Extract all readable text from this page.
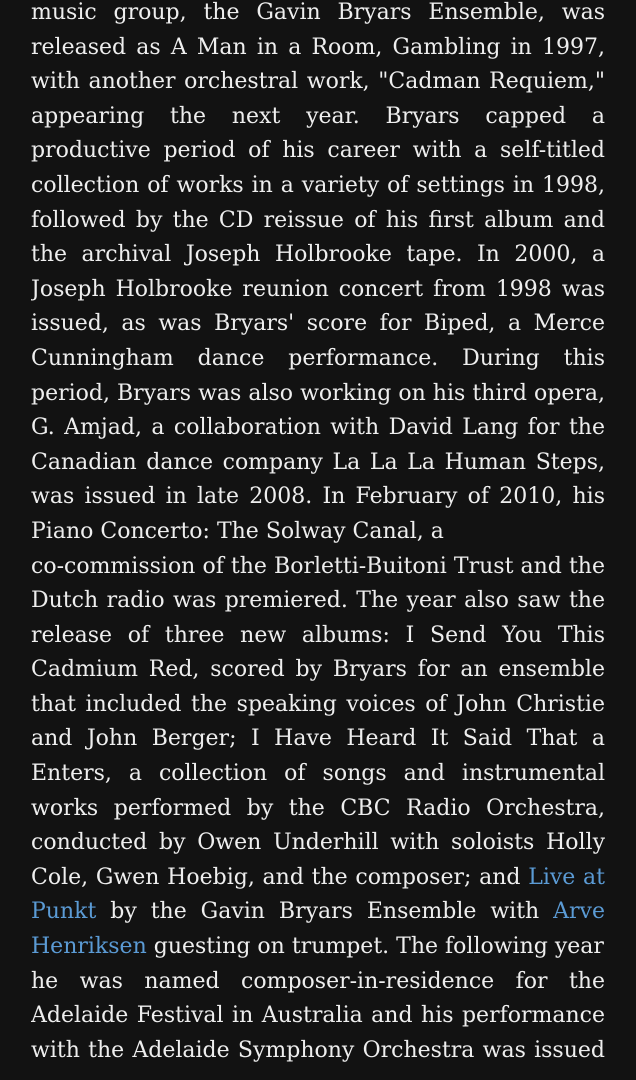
music group, the Gavin Bryars Ensemble, was
released as A Man in a Room, Gambling in 1997,
with another orchestral work, "Cadman Requiem,"
appearing the next year. Bryars capped a
productive period of his career with a self-titled
collection of works in a variety of settings in 1998,
followed by the CD reissue of his first album and
the archival Joseph Holbrooke tape. In 2000, a
Joseph Holbrooke reunion concert from 1998 was
issued, as was Bryars' score for Biped, a Merce
Cunningham dance performance. During this
period, Bryars was also working on his third opera,
G. Amjad, a collaboration with David Lang for the
Canadian dance company La La La Human Steps,
was issued in late 2008. In February of 2010, his
Piano Concerto: The Solway Canal, a
co-commission of the Borletti-Buitoni Trust and the
Dutch radio was premiered. The year also saw the
release of three new albums: I Send You This
Cadmium Red, scored by Bryars for an ensemble
that included the speaking voices of John Christie
and John Berger; I Have Heard It Said That a
Enters, a collection of songs and instrumental
works performed by the CBC Radio Orchestra,
conducted by Owen Underhill with soloists Holly
Cole, Gwen Hoebig, and the composer; and Live at
Punkt by the Gavin Bryars Ensemble with Arve
Henriksen guesting on trumpet. The following year
he was named composer-in-residence for the
Adelaide Festival in Australia and his performance
with the Adelaide Symphony Orchestra was issued
